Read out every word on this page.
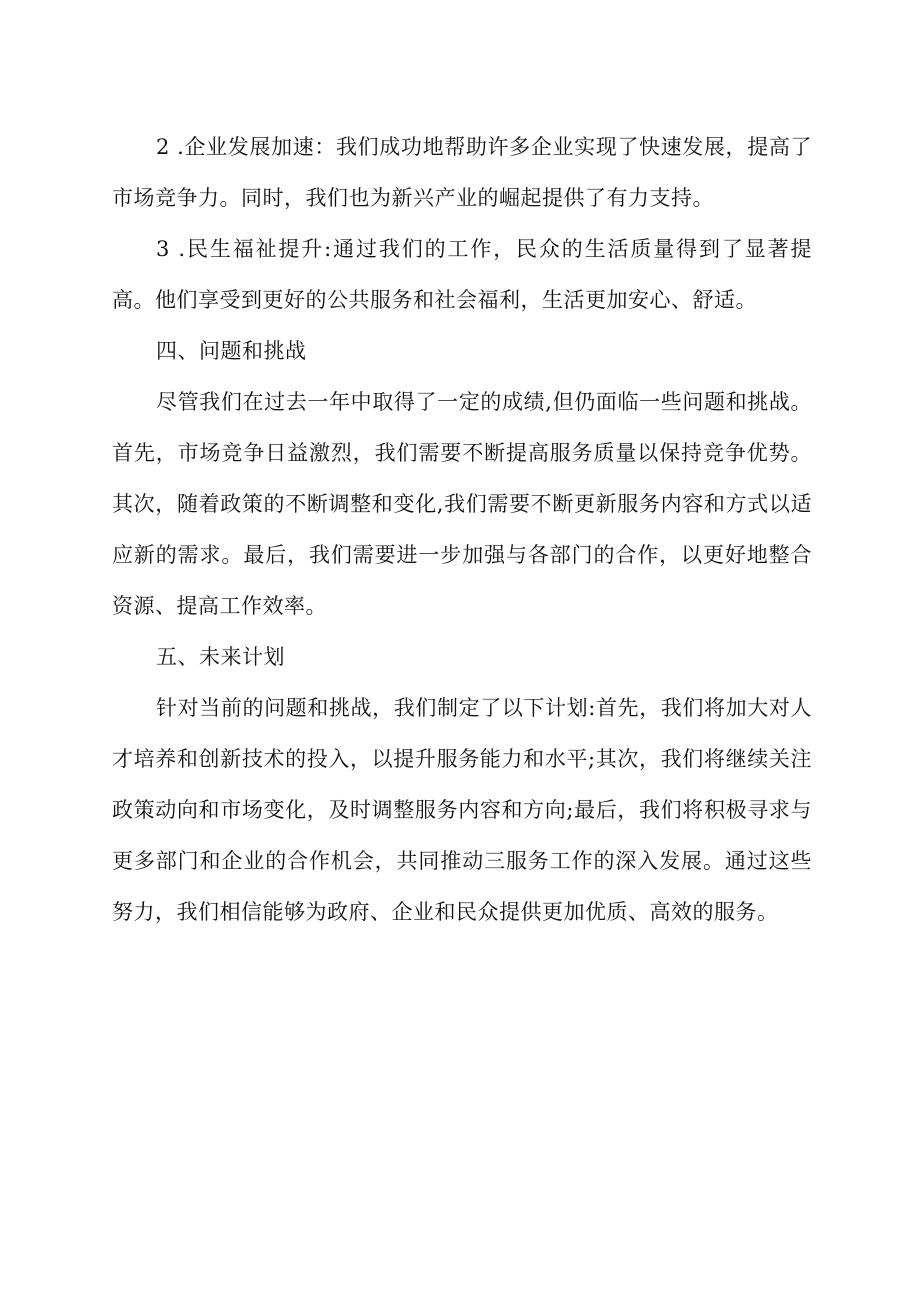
2 .企业发展加速：我们成功地帮助许多企业实现了快速发展，提高了市场竞争力。同时，我们也为新兴产业的崛起提供了有力支持。

3 .民生福祉提升:通过我们的工作，民众的生活质量得到了显著提高。他们享受到更好的公共服务和社会福利，生活更加安心、舒适。

四、问题和挑战

尽管我们在过去一年中取得了一定的成绩,但仍面临一些问题和挑战。首先，市场竞争日益激烈，我们需要不断提高服务质量以保持竞争优势。其次，随着政策的不断调整和变化,我们需要不断更新服务内容和方式以适应新的需求。最后，我们需要进一步加强与各部门的合作，以更好地整合资源、提高工作效率。

五、未来计划

针对当前的问题和挑战，我们制定了以下计划:首先，我们将加大对人才培养和创新技术的投入，以提升服务能力和水平;其次，我们将继续关注政策动向和市场变化，及时调整服务内容和方向;最后，我们将积极寻求与更多部门和企业的合作机会，共同推动三服务工作的深入发展。通过这些努力，我们相信能够为政府、企业和民众提供更加优质、高效的服务。
